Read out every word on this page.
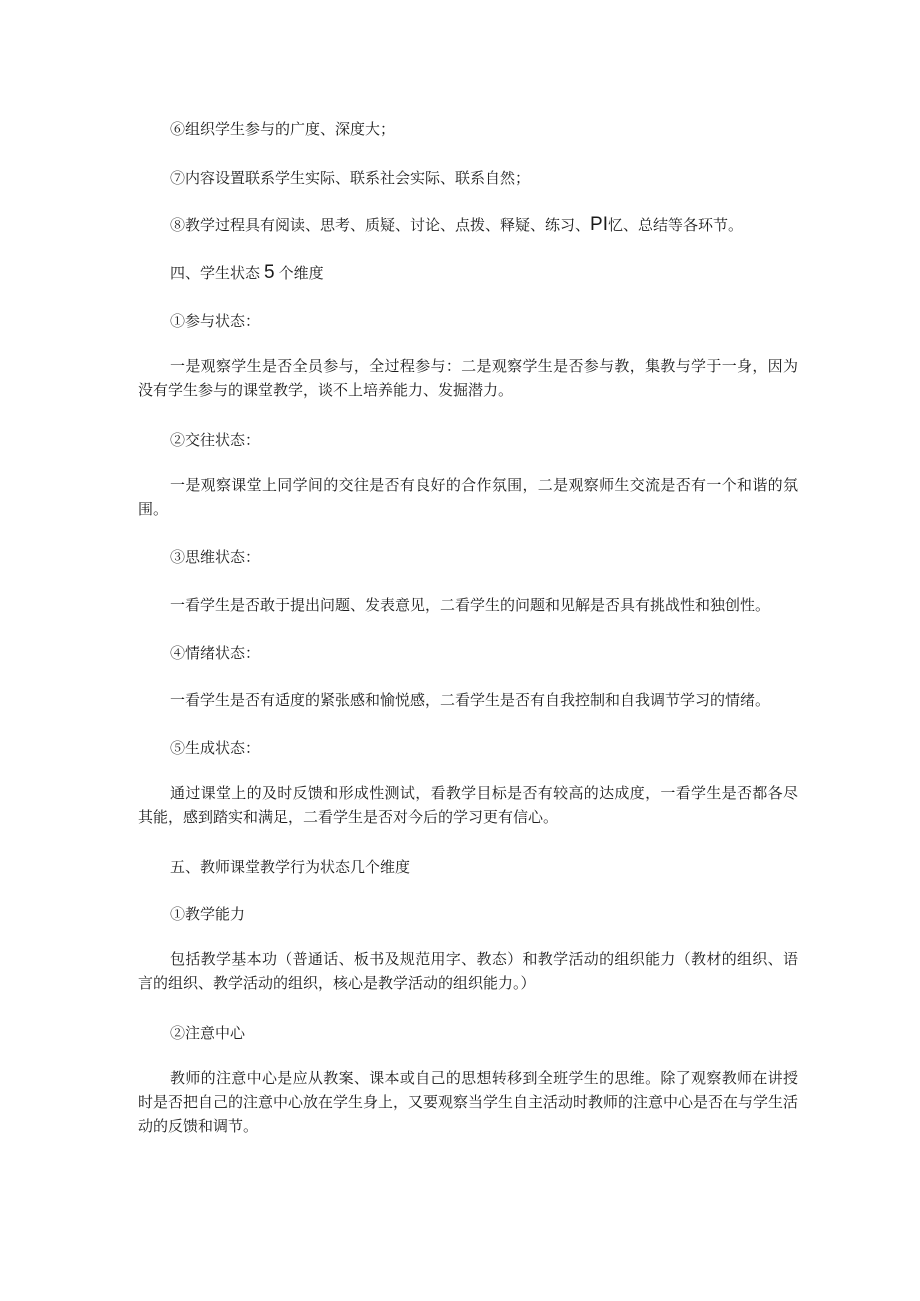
⑥组织学生参与的广度、深度大；
⑦内容设置联系学生实际、联系社会实际、联系自然；
⑧教学过程具有阅读、思考、质疑、讨论、点拨、释疑、练习、PI忆、总结等各环节。
四、学生状态 5 个维度
①参与状态：
一是观察学生是否全员参与，全过程参与：二是观察学生是否参与教，集教与学于一身，因为没有学生参与的课堂教学，谈不上培养能力、发掘潜力。
②交往状态：
一是观察课堂上同学间的交往是否有良好的合作氛围，二是观察师生交流是否有一个和谐的氛围。
③思维状态：
一看学生是否敢于提出问题、发表意见，二看学生的问题和见解是否具有挑战性和独创性。
④情绪状态：
一看学生是否有适度的紧张感和愉悦感，二看学生是否有自我控制和自我调节学习的情绪。
⑤生成状态：
通过课堂上的及时反馈和形成性测试，看教学目标是否有较高的达成度，一看学生是否都各尽其能，感到踏实和满足，二看学生是否对今后的学习更有信心。
五、教师课堂教学行为状态几个维度
①教学能力
包括教学基本功（普通话、板书及规范用字、教态）和教学活动的组织能力（教材的组织、语言的组织、教学活动的组织，核心是教学活动的组织能力。）
②注意中心
教师的注意中心是应从教案、课本或自己的思想转移到全班学生的思维。除了观察教师在讲授时是否把自己的注意中心放在学生身上，又要观察当学生自主活动时教师的注意中心是否在与学生活动的反馈和调节。
